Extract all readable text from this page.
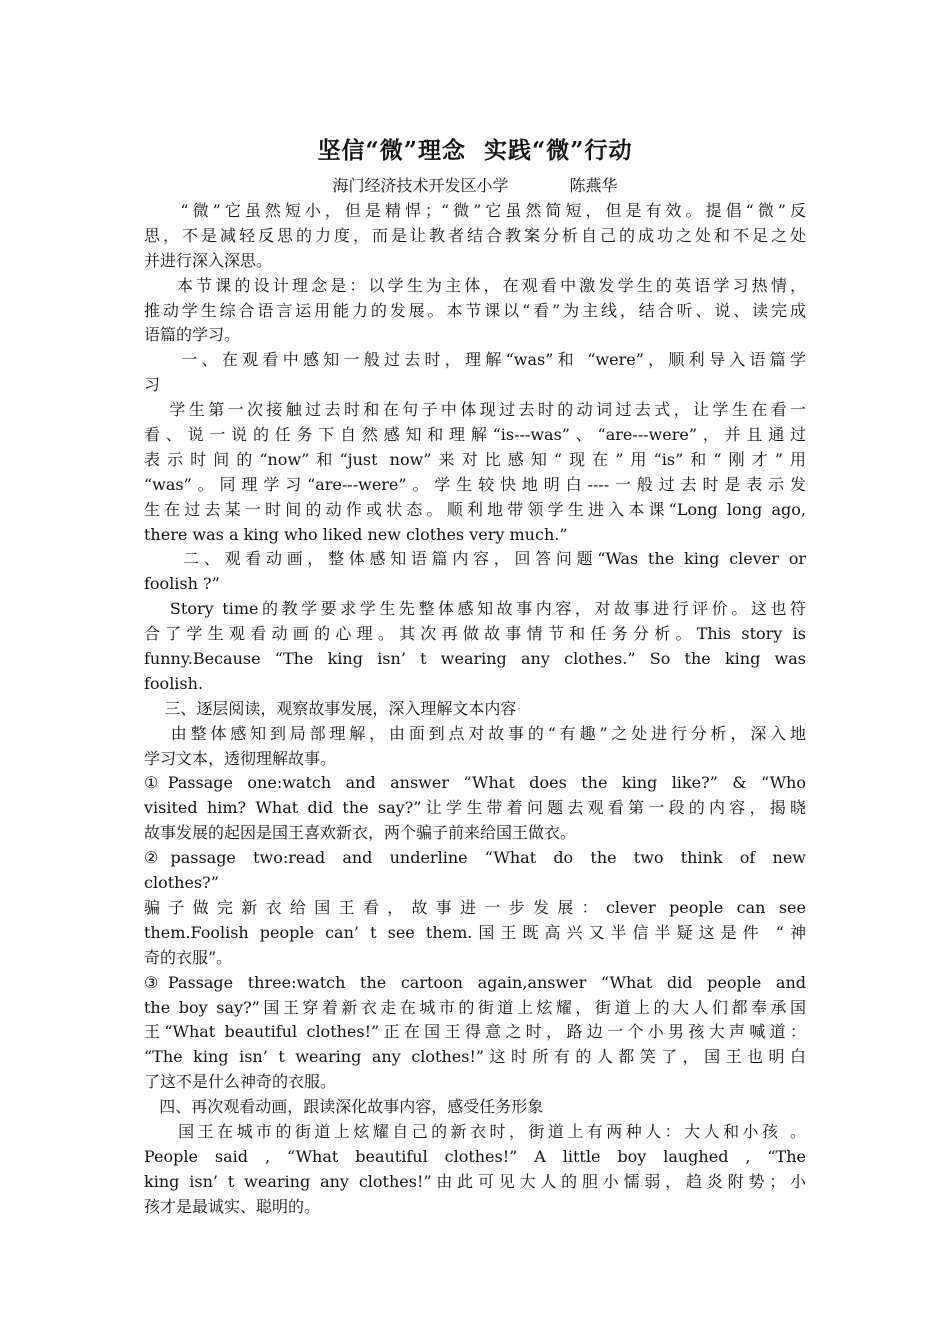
坚信“微”理念  实践“微”行动
海门经济技术开发区小学            陈燕华
“微”它虽然短小，但是精悍；“微”它虽然简短，但是有效。提倡“微”反
思，不是减轻反思的力度，而是让教者结合教案分析自己的成功之处和不足之处
并进行深入深思。
本节课的设计理念是：以学生为主体，在观看中激发学生的英语学习热情，
推动学生综合语言运用能力的发展。本节课以“看”为主线，结合听、说、读完成
语篇的学习。
一、在观看中感知一般过去时，理解“was”和 “were”，顺利导入语篇学
习
学生第一次接触过去时和在句子中体现过去时的动词过去式，让学生在看一
看、说一说的任务下自然感知和理解“is---was”、“are---were”，并且通过
表示时间的“now”和“just now”来对比感知“现在”用“is”和“刚才”用
“was”。同理学习“are---were”。学生较快地明白----一般过去时是表示发
生在过去某一时间的动作或状态。顺利地带领学生进入本课“Long long ago,
there was a king who liked new clothes very much.”
二、观看动画，整体感知语篇内容，回答问题“Was the king clever or
foolish ?”
Story time的教学要求学生先整体感知故事内容，对故事进行评价。这也符
合了学生观看动画的心理。其次再做故事情节和任务分析。This story is
funny.Because “The king isn’ t wearing any clothes.” So the king was
foolish.
三、逐层阅读，观察故事发展，深入理解文本内容
由整体感知到局部理解，由面到点对故事的“有趣”之处进行分析，深入地
学习文本，透彻理解故事。
①Passage one:watch and answer “What does the king like?” & “Who
visited him? What did the say?”让学生带着问题去观看第一段的内容，揭晓
故事发展的起因是国王喜欢新衣，两个骗子前来给国王做衣。
②passage two:read and underline “What do the two think of new
clothes?”
骗子做完新衣给国王看，故事进一步发展：clever people can see
them.Foolish people can’ t see them.国王既高兴又半信半疑这是件 “神
奇的衣服”。
③Passage three:watch the cartoon again,answer “What did people and
the boy say?”国王穿着新衣走在城市的街道上炫耀，街道上的大人们都奉承国
王“What beautiful clothes!”正在国王得意之时，路边一个小男孩大声喊道：
“The king isn’ t wearing any clothes!”这时所有的人都笑了，国王也明白
了这不是什么神奇的衣服。
四、再次观看动画，跟读深化故事内容，感受任务形象
国王在城市的街道上炫耀自己的新衣时，街道上有两种人：大人和小孩 。
People said , “What beautiful clothes!” A little boy laughed , “The
king isn’ t wearing any clothes!”由此可见大人的胆小懦弱，趋炎附势；小
孩才是最诚实、聪明的。
